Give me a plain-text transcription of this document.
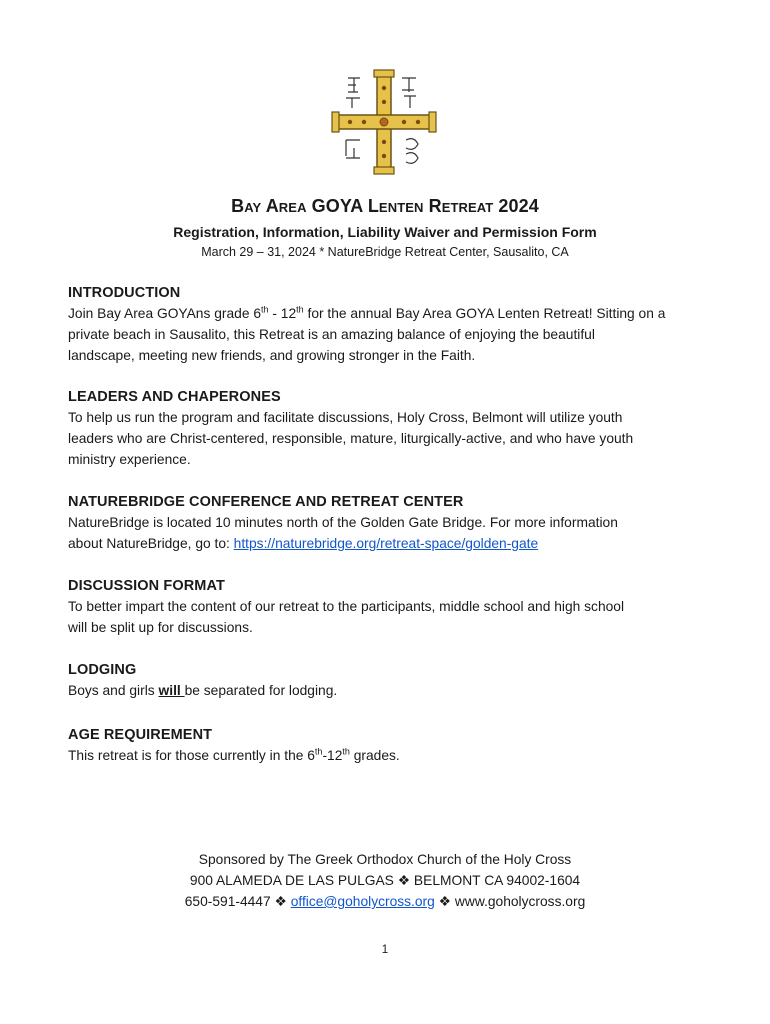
Bay Area GOYA Lenten Retreat 2024
Registration, Information, Liability Waiver and Permission Form
March 29 – 31, 2024 * NatureBridge Retreat Center, Sausalito, CA
INTRODUCTION

Join Bay Area GOYAns grade 6th - 12th for the annual Bay Area GOYA Lenten Retreat! Sitting on a
private beach in Sausalito, this Retreat is an amazing balance of enjoying the beautiful
landscape, meeting new friends, and growing stronger in the Faith.

LEADERS AND CHAPERONES

To help us run the program and facilitate discussions, Holy Cross, Belmont will utilize youth
leaders who are Christ-centered, responsible, mature, liturgically-active, and who have youth
ministry experience.

NATUREBRIDGE CONFERENCE AND RETREAT CENTER

NatureBridge is located 10 minutes north of the Golden Gate Bridge. For more information
about NatureBridge, go to: https://naturebridge.org/retreat-space/golden-gate

DISCUSSION FORMAT

To better impart the content of our retreat to the participants, middle school and high school
will be split up for discussions.

LODGING

Boys and girls will be separated for lodging.

AGE REQUIREMENT

This retreat is for those currently in the 6th-12th grades.

Sponsored by The Greek Orthodox Church of the Holy Cross
900 ALAMEDA DE LAS PULGAS ❖ BELMONT CA 94002-1604
650-591-4447 ❖ office@goholycross.org ❖ www.goholycross.org
1
